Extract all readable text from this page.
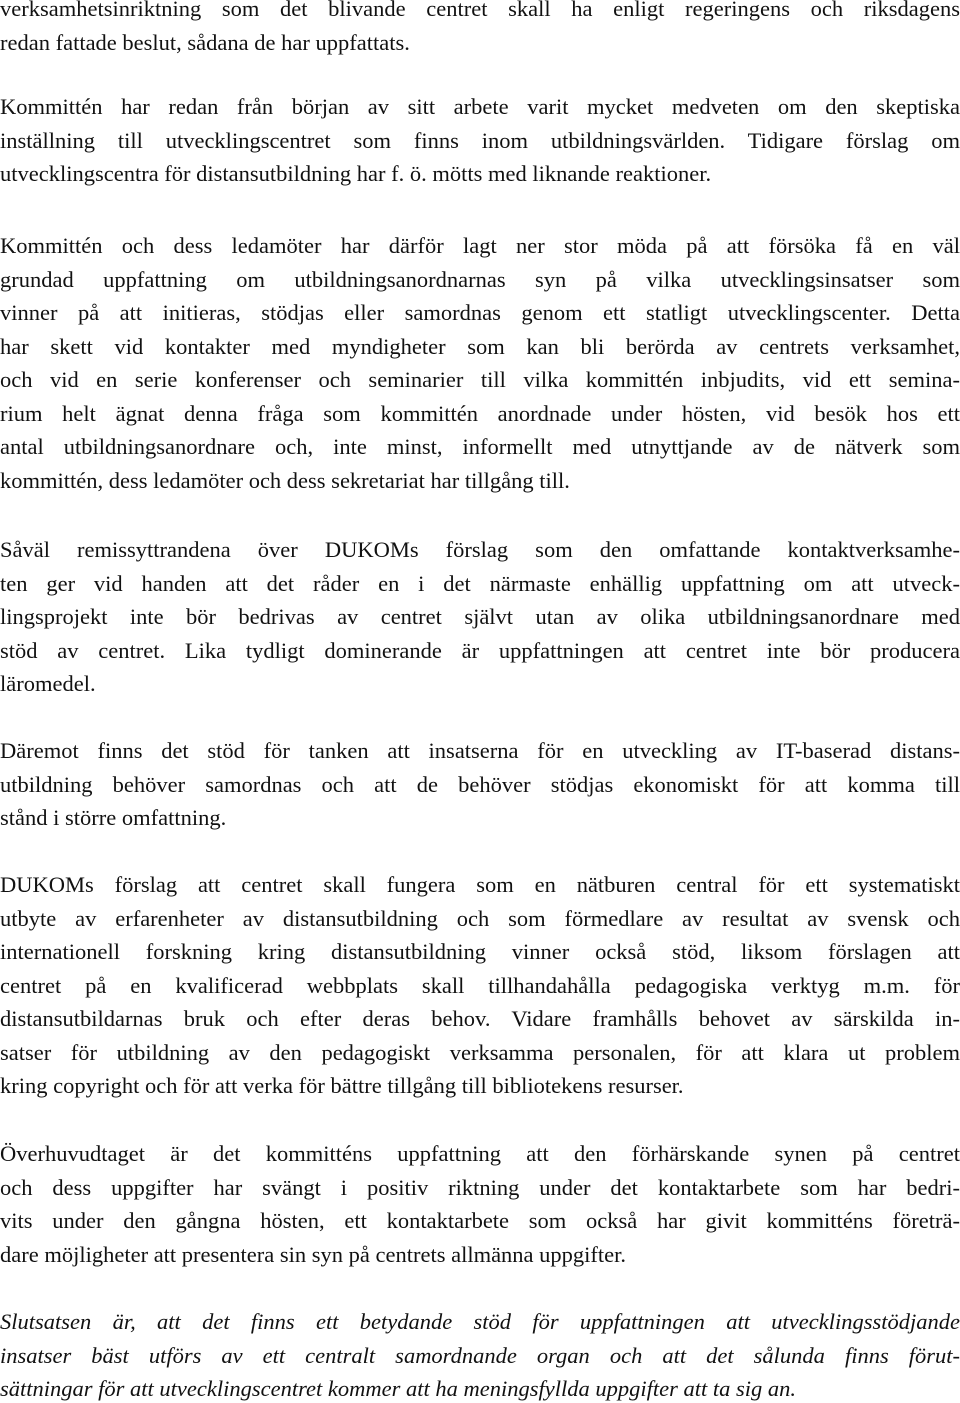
verksamhetsinriktning som det blivande centret skall ha enligt regeringens och riksdagens
redan fattade beslut, sådana de har uppfattats.
Kommittén har redan från början av sitt arbete varit mycket medveten om den skeptiska
inställning till utvecklingscentret som finns inom utbildningsvärlden. Tidigare förslag om
utvecklingscentra för distansutbildning har f. ö. mötts med liknande reaktioner.
Kommittén och dess ledamöter har därför lagt ner stor möda på att försöka få en väl
grundad uppfattning om utbildningsanordnarnas syn på vilka utvecklingsinsatser som
vinner på att initieras, stödjas eller samordnas genom ett statligt utvecklingscenter. Detta
har skett vid kontakter med myndigheter som kan bli berörda av centrets verksamhet,
och vid en serie konferenser och seminarier till vilka kommittén inbjudits, vid ett semina-
rium helt ägnat denna fråga som kommittén anordnade under hösten, vid besök hos ett
antal utbildningsanordnare och, inte minst, informellt med utnyttjande av de nätverk som
kommittén, dess ledamöter och dess sekretariat har tillgång till.
Såväl remissyttrandena över DUKOMs förslag som den omfattande kontaktverksamhe-
ten ger vid handen att det råder en i det närmaste enhällig uppfattning om att utveck-
lingsprojekt inte bör bedrivas av centret självt utan av olika utbildningsanordnare med
stöd av centret. Lika tydligt dominerande är uppfattningen att centret inte bör producera
läromedel.
Däremot finns det stöd för tanken att insatserna för en utveckling av IT-baserad distans-
utbildning behöver samordnas och att de behöver stödjas ekonomiskt för att komma till
stånd i större omfattning.
DUKOMs förslag att centret skall fungera som en nätburen central för ett systematiskt
utbyte av erfarenheter av distansutbildning och som förmedlare av resultat av svensk och
internationell forskning kring distansutbildning vinner också stöd, liksom förslagen att
centret på en kvalificerad webbplats skall tillhandahålla pedagogiska verktyg m.m. för
distansutbildarnas bruk och efter deras behov. Vidare framhålls behovet av särskilda in-
satser för utbildning av den pedagogiskt verksamma personalen, för att klara ut problem
kring copyright och för att verka för bättre tillgång till bibliotekens resurser.
Överhuvudtaget är det kommitténs uppfattning att den förhärskande synen på centret
och dess uppgifter har svängt i positiv riktning under det kontaktarbete som har bedri-
vits under den gångna hösten, ett kontaktarbete som också har givit kommitténs företrä-
dare möjligheter att presentera sin syn på centrets allmänna uppgifter.
Slutsatsen är, att det finns ett betydande stöd för uppfattningen att utvecklingsstödjande
insatser bäst utförs av ett centralt samordnande organ och att det sålunda finns förut-
sättningar för att utvecklingscentret kommer att ha meningsfyllda uppgifter att ta sig an.
